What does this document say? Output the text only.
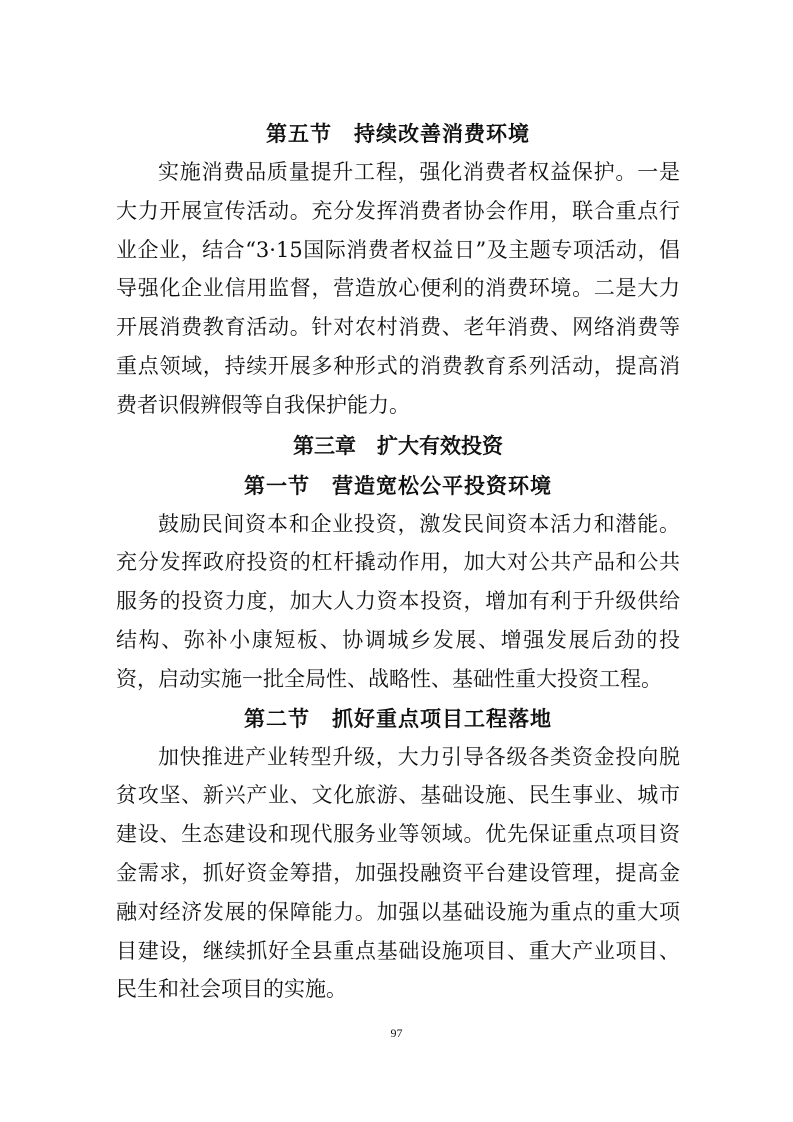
第五节　持续改善消费环境

实施消费品质量提升工程，强化消费者权益保护。一是大力开展宣传活动。充分发挥消费者协会作用，联合重点行业企业，结合“3·15国际消费者权益日”及主题专项活动，倡导强化企业信用监督，营造放心便利的消费环境。二是大力开展消费教育活动。针对农村消费、老年消费、网络消费等重点领域，持续开展多种形式的消费教育系列活动，提高消费者识假辨假等自我保护能力。

第三章　扩大有效投资
第一节　营造宽松公平投资环境

鼓励民间资本和企业投资，激发民间资本活力和潜能。充分发挥政府投资的杠杆撬动作用，加大对公共产品和公共服务的投资力度，加大人力资本投资，增加有利于升级供给结构、弥补小康短板、协调城乡发展、增强发展后劲的投资，启动实施一批全局性、战略性、基础性重大投资工程。

第二节　抓好重点项目工程落地

加快推进产业转型升级，大力引导各级各类资金投向脱贫攻坚、新兴产业、文化旅游、基础设施、民生事业、城市建设、生态建设和现代服务业等领域。优先保证重点项目资金需求，抓好资金筹措，加强投融资平台建设管理，提高金融对经济发展的保障能力。加强以基础设施为重点的重大项目建设，继续抓好全县重点基础设施项目、重大产业项目、民生和社会项目的实施。

97
